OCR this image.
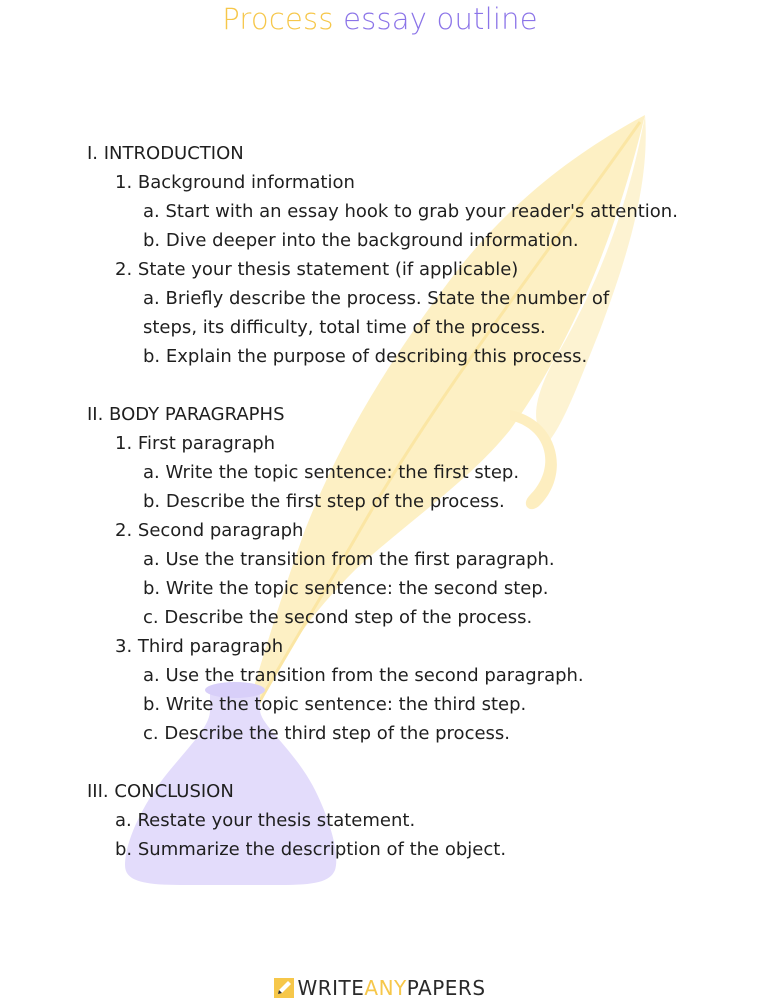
Process essay outline
I. INTRODUCTION
1. Background information
a. Start with an essay hook to grab your reader's attention.
b. Dive deeper into the background information.
2. State your thesis statement (if applicable)
a. Briefly describe the process. State the number of
steps, its difficulty, total time of the process.
b. Explain the purpose of describing this process.
II. BODY PARAGRAPHS
1. First paragraph
a. Write the topic sentence: the first step.
b. Describe the first step of the process.
2. Second paragraph
a. Use the transition from the first paragraph.
b. Write the topic sentence: the second step.
c. Describe the second step of the process.
3. Third paragraph
a. Use the transition from the second paragraph.
b. Write the topic sentence: the third step.
c. Describe the third step of the process.
III. CONCLUSION
a. Restate your thesis statement.
b. Summarize the description of the object.
WRITEANYPAPERS
